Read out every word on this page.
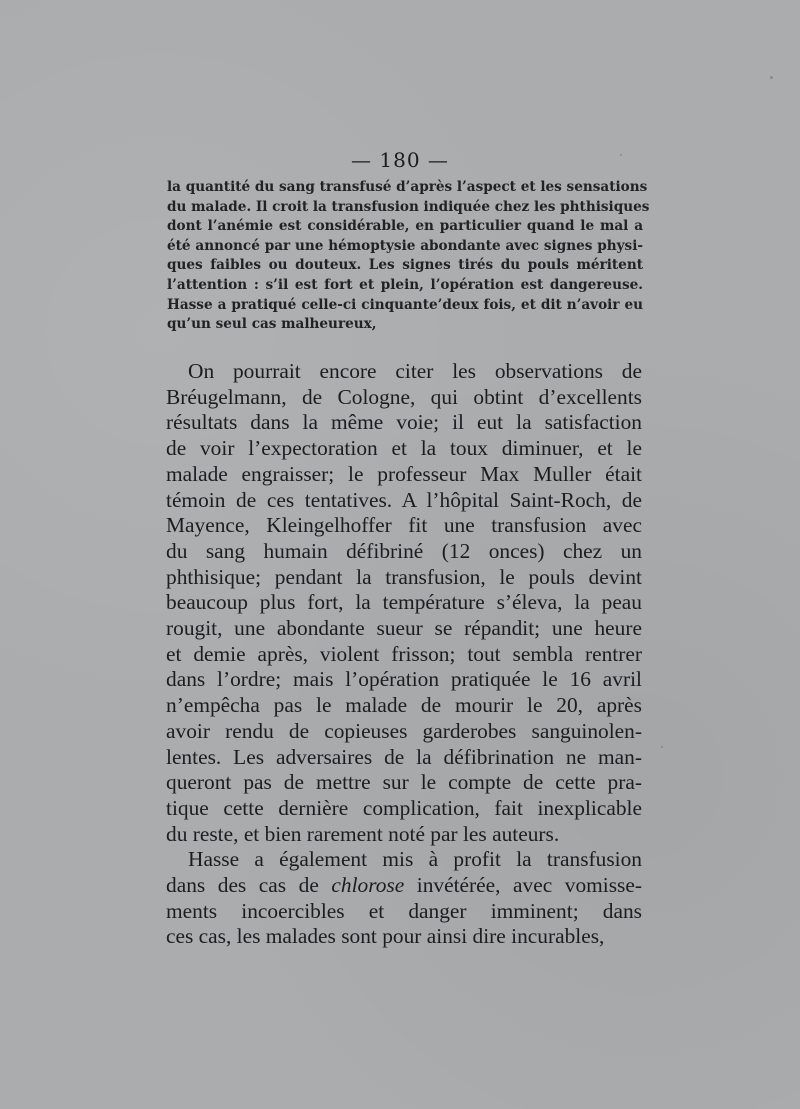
— 180 —
la quantité du sang transfusé d’après l’aspect et les sensations
du malade. Il croit la transfusion indiquée chez les phthisiques
dont l’anémie est considérable, en particulier quand le mal a
été annoncé par une hémoptysie abondante avec signes physi-
ques faibles ou douteux. Les signes tirés du pouls méritent
l’attention : s’il est fort et plein, l’opération est dangereuse.
Hasse a pratiqué celle-ci cinquante’deux fois, et dit n’avoir eu
qu’un seul cas malheureux,
On pourrait encore citer les observations de
Bréugelmann, de Cologne, qui obtint d’excellents
résultats dans la même voie; il eut la satisfaction
de voir l’expectoration et la toux diminuer, et le
malade engraisser; le professeur Max Muller était
témoin de ces tentatives. A l’hôpital Saint-Roch, de
Mayence, Kleingelhoffer fit une transfusion avec
du sang humain défibriné (12 onces) chez un
phthisique; pendant la transfusion, le pouls devint
beaucoup plus fort, la température s’éleva, la peau
rougit, une abondante sueur se répandit; une heure
et demie après, violent frisson; tout sembla rentrer
dans l’ordre; mais l’opération pratiquée le 16 avril
n’empêcha pas le malade de mourir le 20, après
avoir rendu de copieuses garderobes sanguinolen-
lentes. Les adversaires de la défibrination ne man-
queront pas de mettre sur le compte de cette pra-
tique cette dernière complication, fait inexplicable
du reste, et bien rarement noté par les auteurs.
Hasse a également mis à profit la transfusion
dans des cas de chlorose invétérée, avec vomisse-
ments incoercibles et danger imminent; dans
ces cas, les malades sont pour ainsi dire incurables,
